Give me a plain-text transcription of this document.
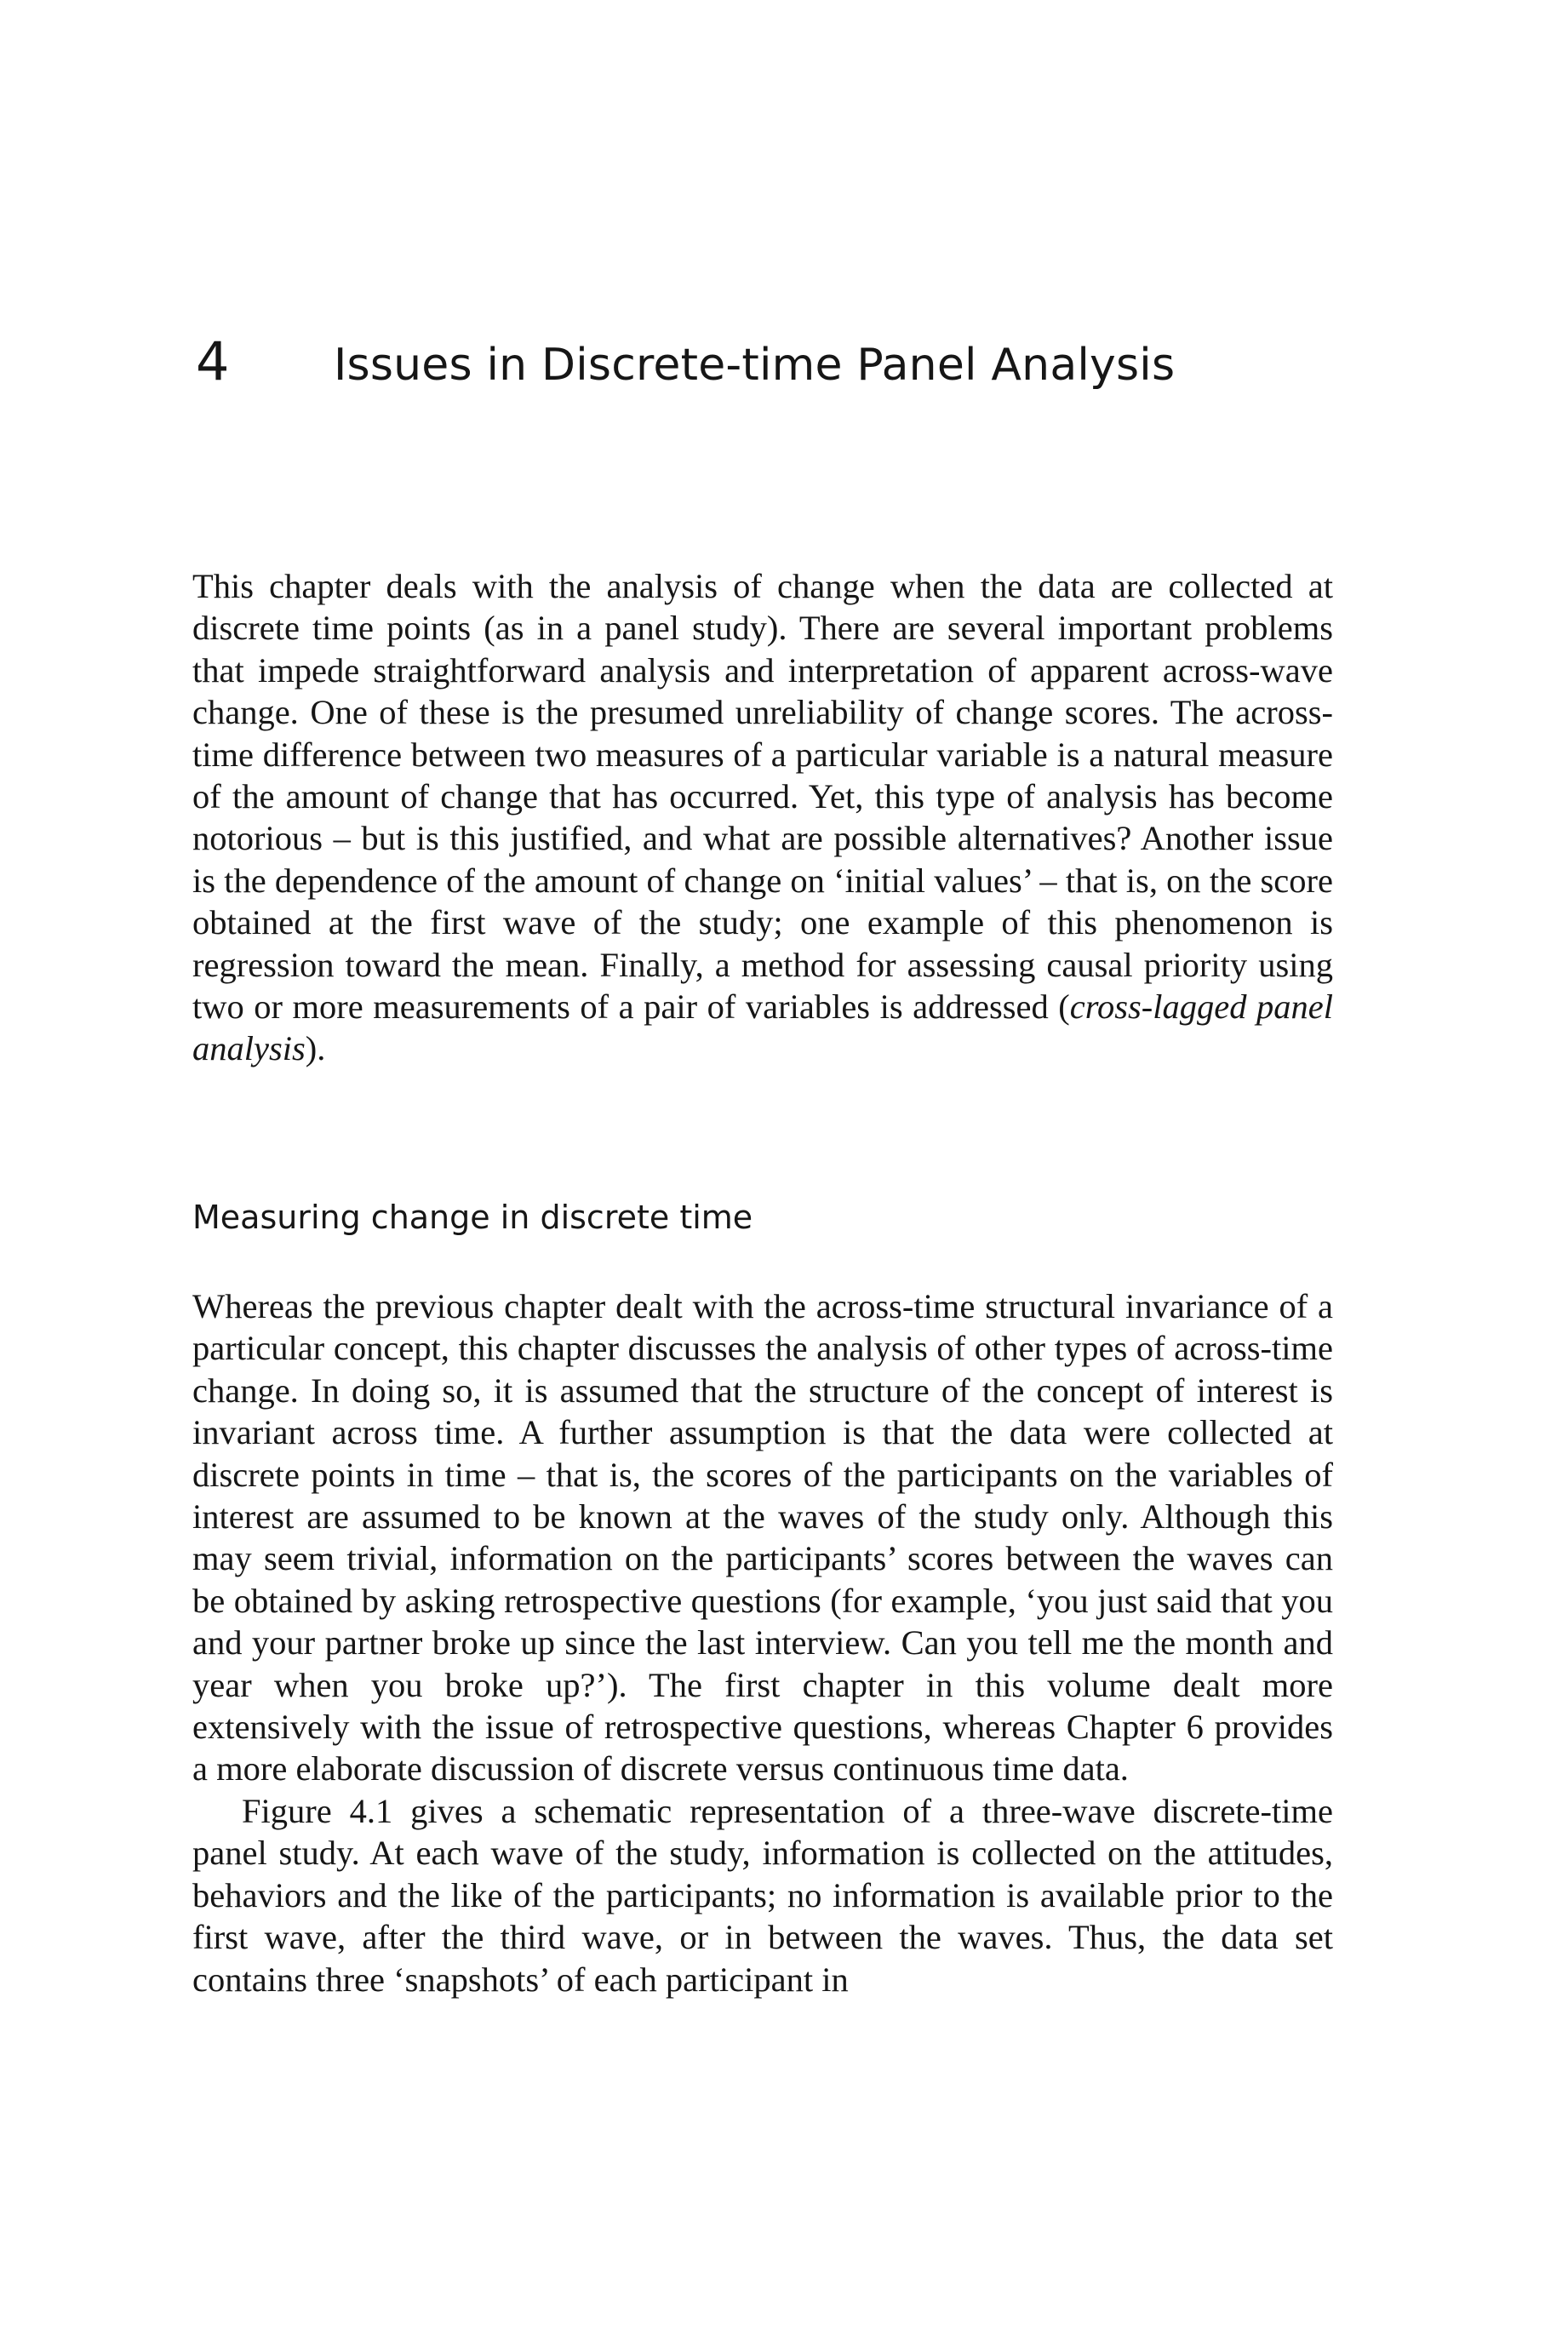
4 Issues in Discrete-time Panel Analysis

This chapter deals with the analysis of change when the data are collected at discrete time points (as in a panel study). There are several important problems that impede straightforward analysis and interpretation of apparent across-wave change. One of these is the presumed unreliability of change scores. The across-time difference between two measures of a particular variable is a natural measure of the amount of change that has occurred. Yet, this type of analysis has become notorious – but is this justified, and what are possible alternatives? Another issue is the dependence of the amount of change on ‘initial values’ – that is, on the score obtained at the first wave of the study; one example of this phenomenon is regression toward the mean. Finally, a method for assessing causal priority using two or more measurements of a pair of variables is addressed (cross-lagged panel analysis).

Measuring change in discrete time

Whereas the previous chapter dealt with the across-time structural invariance of a particular concept, this chapter discusses the analysis of other types of across-time change. In doing so, it is assumed that the structure of the concept of interest is invariant across time. A further assumption is that the data were collected at discrete points in time – that is, the scores of the participants on the variables of interest are assumed to be known at the waves of the study only. Although this may seem trivial, information on the participants’ scores between the waves can be obtained by asking retrospective questions (for example, ‘you just said that you and your partner broke up since the last interview. Can you tell me the month and year when you broke up?’). The first chapter in this volume dealt more extensively with the issue of retrospective questions, whereas Chapter 6 provides a more elaborate discussion of discrete versus continuous time data.

Figure 4.1 gives a schematic representation of a three-wave discrete-time panel study. At each wave of the study, information is collected on the attitudes, behaviors and the like of the participants; no information is available prior to the first wave, after the third wave, or in between the waves. Thus, the data set contains three ‘snapshots’ of each participant in
